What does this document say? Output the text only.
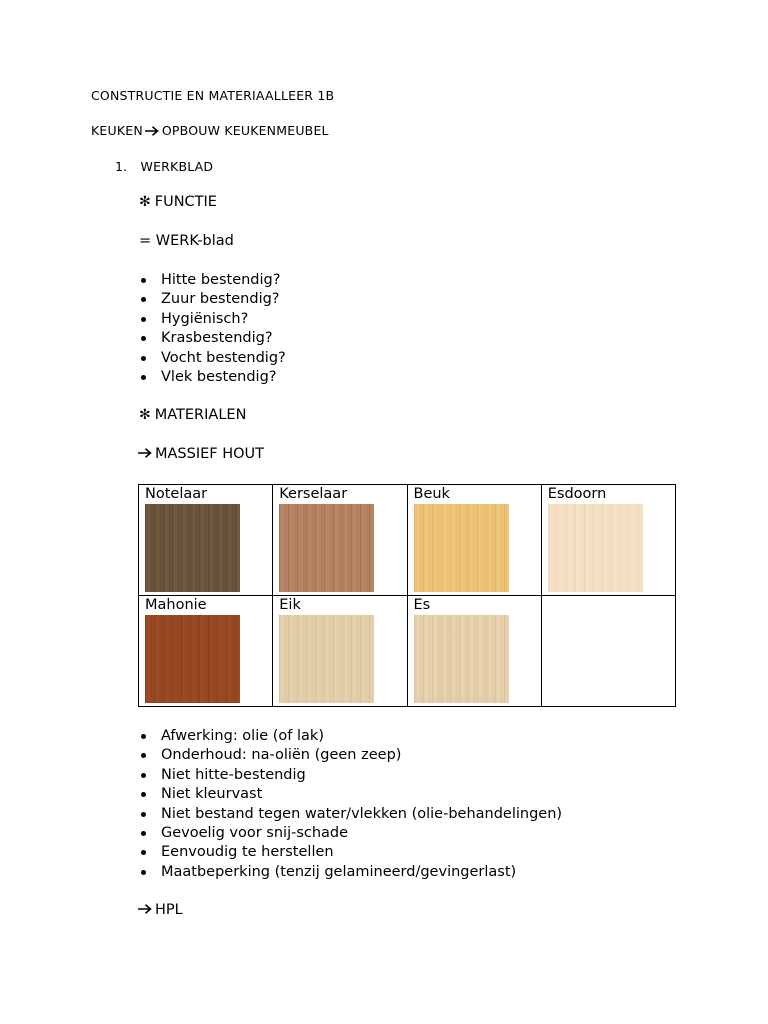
CONSTRUCTIE EN MATERIAALLEER 1B
KEUKEN OPBOUW KEUKENMEUBEL
1. WERKBLAD
✻ FUNCTIE
= WERK-blad
Hitte bestendig?
Zuur bestendig?
Hygiënisch?
Krasbestendig?
Vocht bestendig?
Vlek bestendig?
✻ MATERIALEN
MASSIEF HOUT
Notelaar	Kerselaar	Beuk	Esdoorn

Mahonie	Eik	Es	

Afwerking: olie (of lak)
Onderhoud: na-oliën (geen zeep)
Niet hitte-bestendig
Niet kleurvast
Niet bestand tegen water/vlekken (olie-behandelingen)
Gevoelig voor snij-schade
Eenvoudig te herstellen
Maatbeperking (tenzij gelamineerd/gevingerlast)
HPL
